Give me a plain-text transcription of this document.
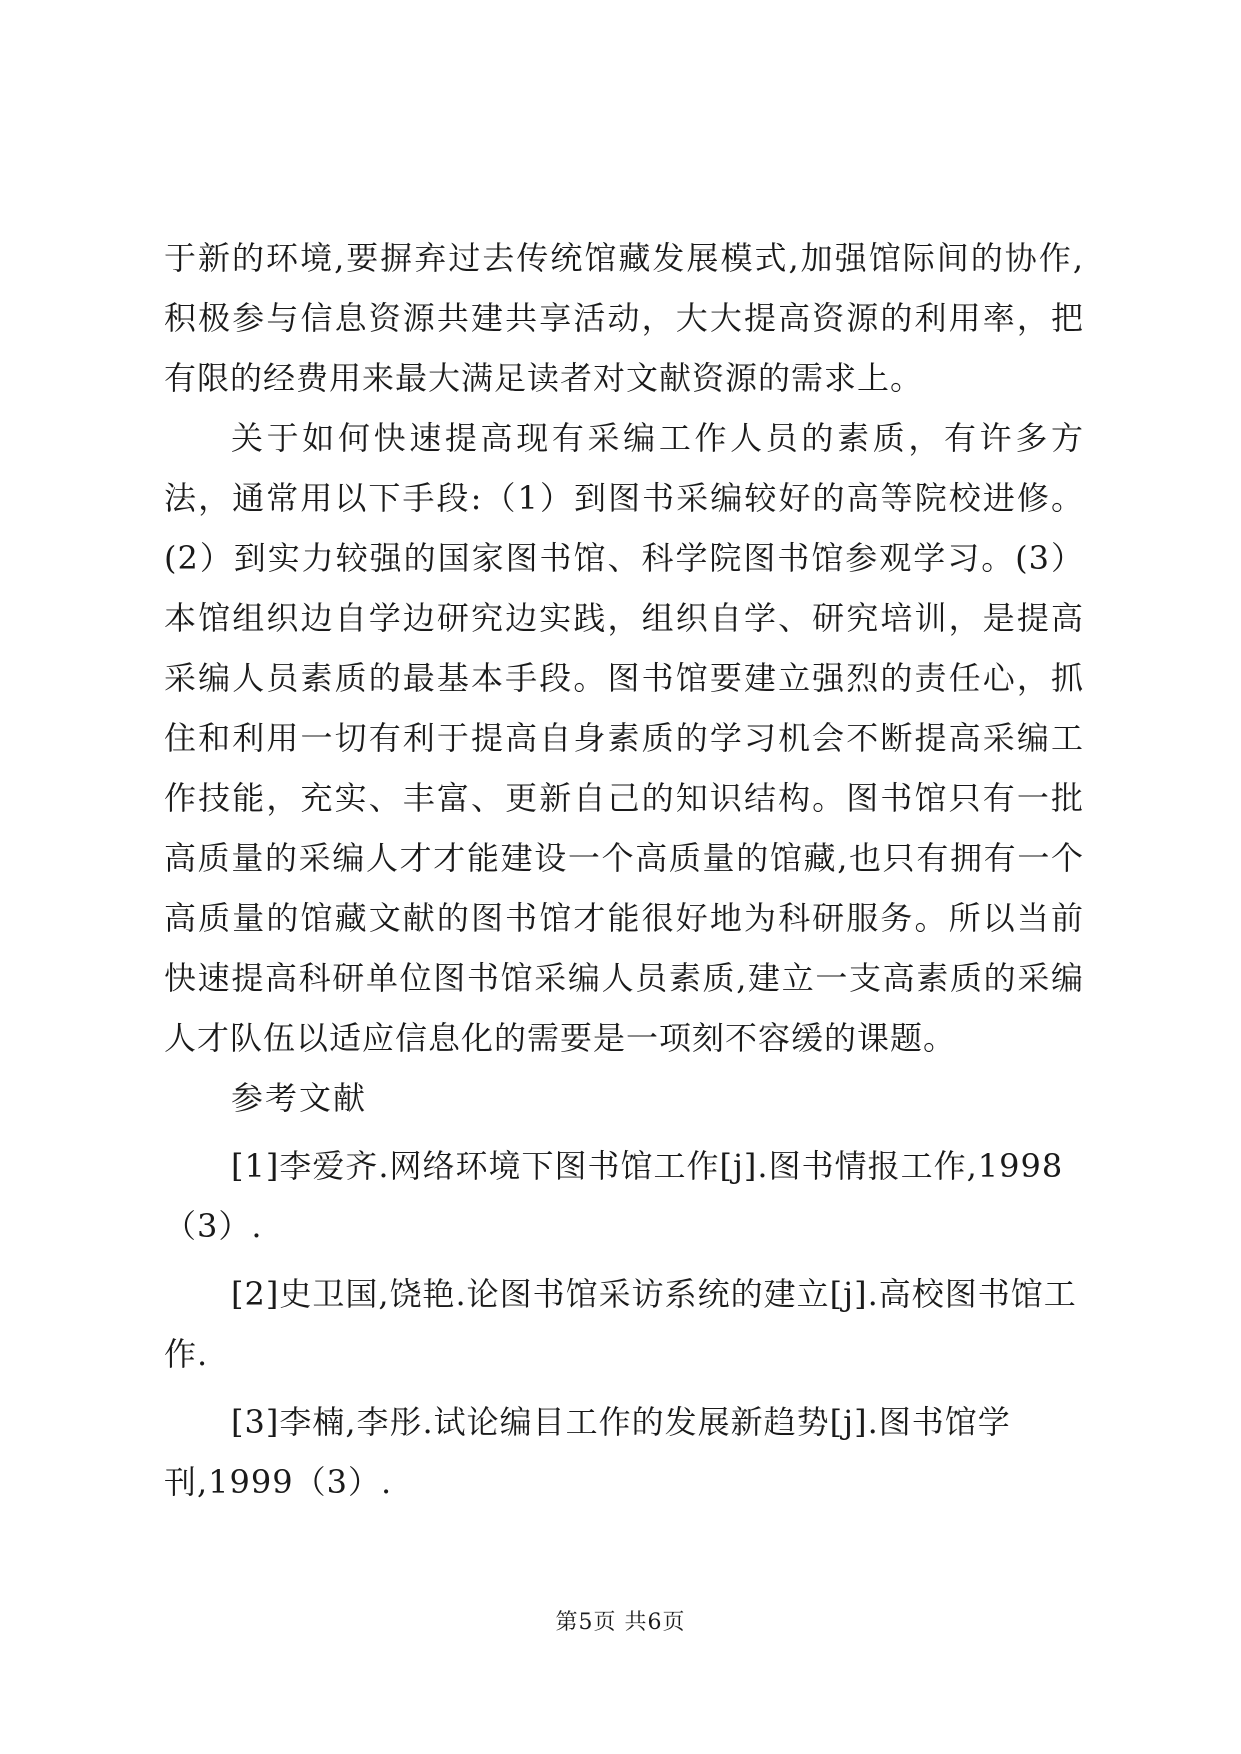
于新的环境,要摒弃过去传统馆藏发展模式,加强馆际间的协作,积极参与信息资源共建共享活动，大大提高资源的利用率，把有限的经费用来最大满足读者对文献资源的需求上。

关于如何快速提高现有采编工作人员的素质，有许多方法，通常用以下手段:（1）到图书采编较好的高等院校进修。(2）到实力较强的国家图书馆、科学院图书馆参观学习。(3）本馆组织边自学边研究边实践，组织自学、研究培训，是提高采编人员素质的最基本手段。图书馆要建立强烈的责任心，抓住和利用一切有利于提高自身素质的学习机会不断提高采编工作技能，充实、丰富、更新自己的知识结构。图书馆只有一批高质量的采编人才才能建设一个高质量的馆藏,也只有拥有一个高质量的馆藏文献的图书馆才能很好地为科研服务。所以当前快速提高科研单位图书馆采编人员素质,建立一支高素质的采编人才队伍以适应信息化的需要是一项刻不容缓的课题。

参考文献

[1]李爱齐.网络环境下图书馆工作[j].图书情报工作,1998（3）.

[2]史卫国,饶艳.论图书馆采访系统的建立[j].高校图书馆工作.

[3]李楠,李彤.试论编目工作的发展新趋势[j].图书馆学刊,1999（3）.

第5页 共6页
